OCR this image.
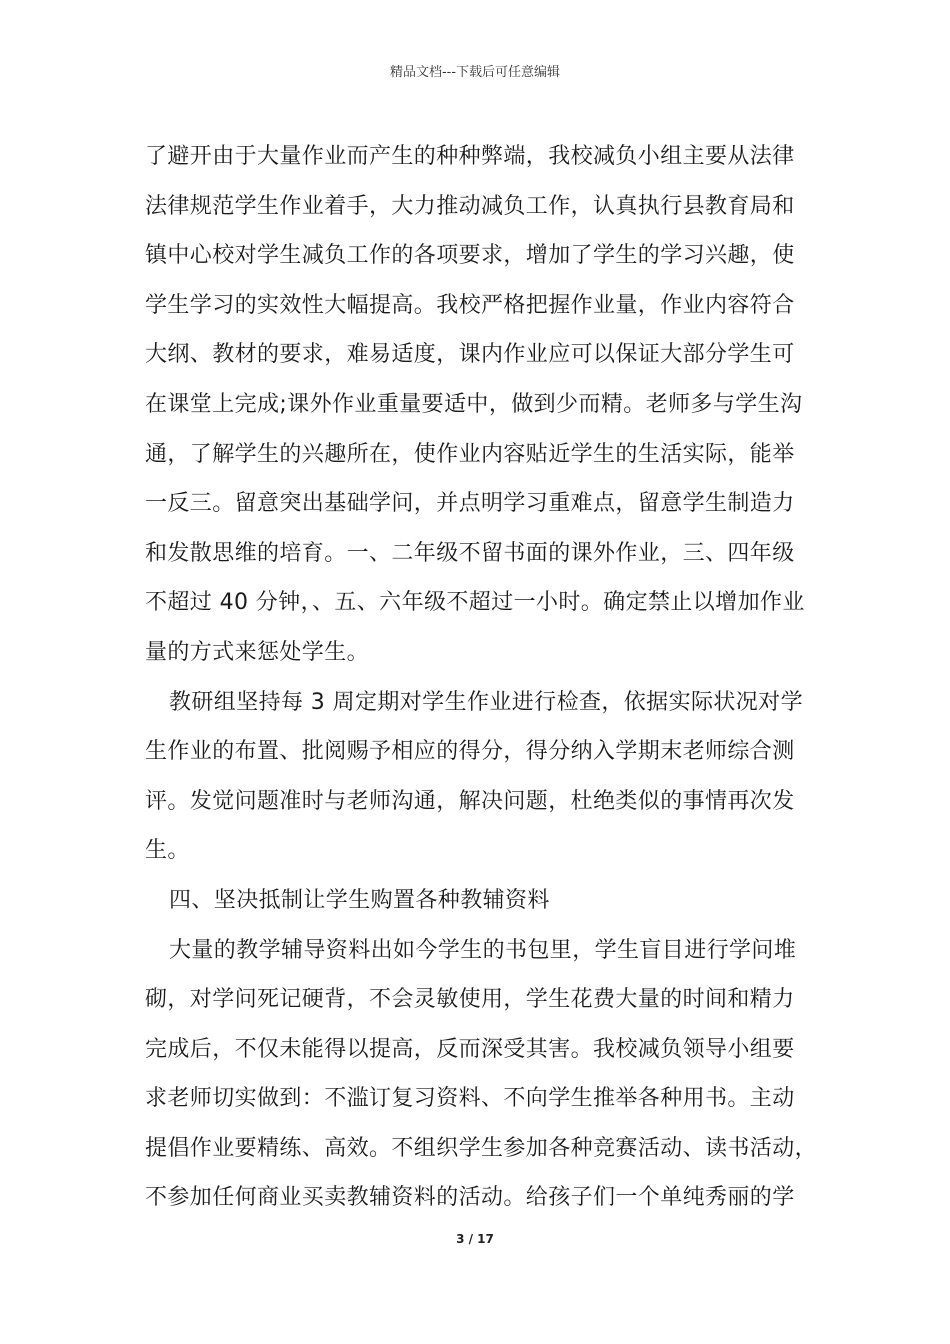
精品文档---下载后可任意编辑
了避开由于大量作业而产生的种种弊端，我校减负小组主要从法律
法律规范学生作业着手，大力推动减负工作，认真执行县教育局和
镇中心校对学生减负工作的各项要求，增加了学生的学习兴趣，使
学生学习的实效性大幅提高。我校严格把握作业量，作业内容符合
大纲、教材的要求，难易适度，课内作业应可以保证大部分学生可
在课堂上完成;课外作业重量要适中，做到少而精。老师多与学生沟
通，了解学生的兴趣所在，使作业内容贴近学生的生活实际，能举
一反三。留意突出基础学问，并点明学习重难点，留意学生制造力
和发散思维的培育。一、二年级不留书面的课外作业，三、四年级
不超过 40 分钟，、五、六年级不超过一小时。确定禁止以增加作业
量的方式来惩处学生。
教研组坚持每 3 周定期对学生作业进行检查，依据实际状况对学
生作业的布置、批阅赐予相应的得分，得分纳入学期末老师综合测
评。发觉问题准时与老师沟通，解决问题，杜绝类似的事情再次发
生。
四、坚决抵制让学生购置各种教辅资料
大量的教学辅导资料出如今学生的书包里，学生盲目进行学问堆
砌，对学问死记硬背，不会灵敏使用，学生花费大量的时间和精力
完成后，不仅未能得以提高，反而深受其害。我校减负领导小组要
求老师切实做到：不滥订复习资料、不向学生推举各种用书。主动
提倡作业要精练、高效。不组织学生参加各种竞赛活动、读书活动，
不参加任何商业买卖教辅资料的活动。给孩子们一个单纯秀丽的学
3 / 17
